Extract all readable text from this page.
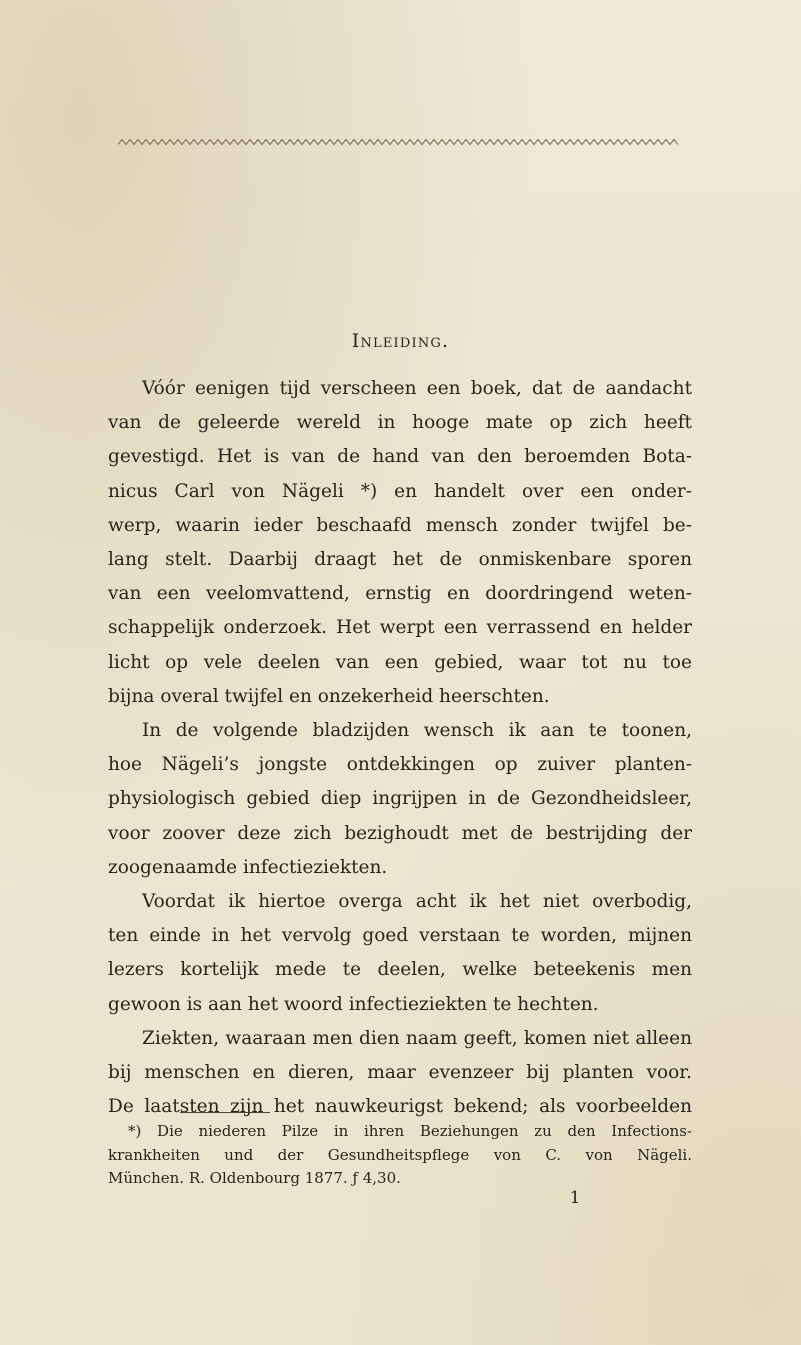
Inleiding.
Vóór eenigen tijd verscheen een boek, dat de aandacht
van de geleerde wereld in hooge mate op zich heeft
gevestigd. Het is van de hand van den beroemden Bota-
nicus Carl von Nägeli *) en handelt over een onder-
werp, waarin ieder beschaafd mensch zonder twijfel be-
lang stelt. Daarbij draagt het de onmiskenbare sporen
van een veelomvattend, ernstig en doordringend weten-
schappelijk onderzoek. Het werpt een verrassend en helder
licht op vele deelen van een gebied, waar tot nu toe
bijna overal twijfel en onzekerheid heerschten.
In de volgende bladzijden wensch ik aan te toonen,
hoe Nägeli’s jongste ontdekkingen op zuiver planten-
physiologisch gebied diep ingrijpen in de Gezondheidsleer,
voor zoover deze zich bezighoudt met de bestrijding der
zoogenaamde infectieziekten.
Voordat ik hiertoe overga acht ik het niet overbodig,
ten einde in het vervolg goed verstaan te worden, mijnen
lezers kortelijk mede te deelen, welke beteekenis men
gewoon is aan het woord infectieziekten te hechten.
Ziekten, waaraan men dien naam geeft, komen niet alleen
bij menschen en dieren, maar evenzeer bij planten voor.
De laatsten zijn het nauwkeurigst bekend; als voorbeelden
*) Die niederen Pilze in ihren Beziehungen zu den Infections-
krankheiten und der Gesundheitspflege von C. von Nägeli.
München. R. Oldenbourg 1877. ƒ 4,30.
1
